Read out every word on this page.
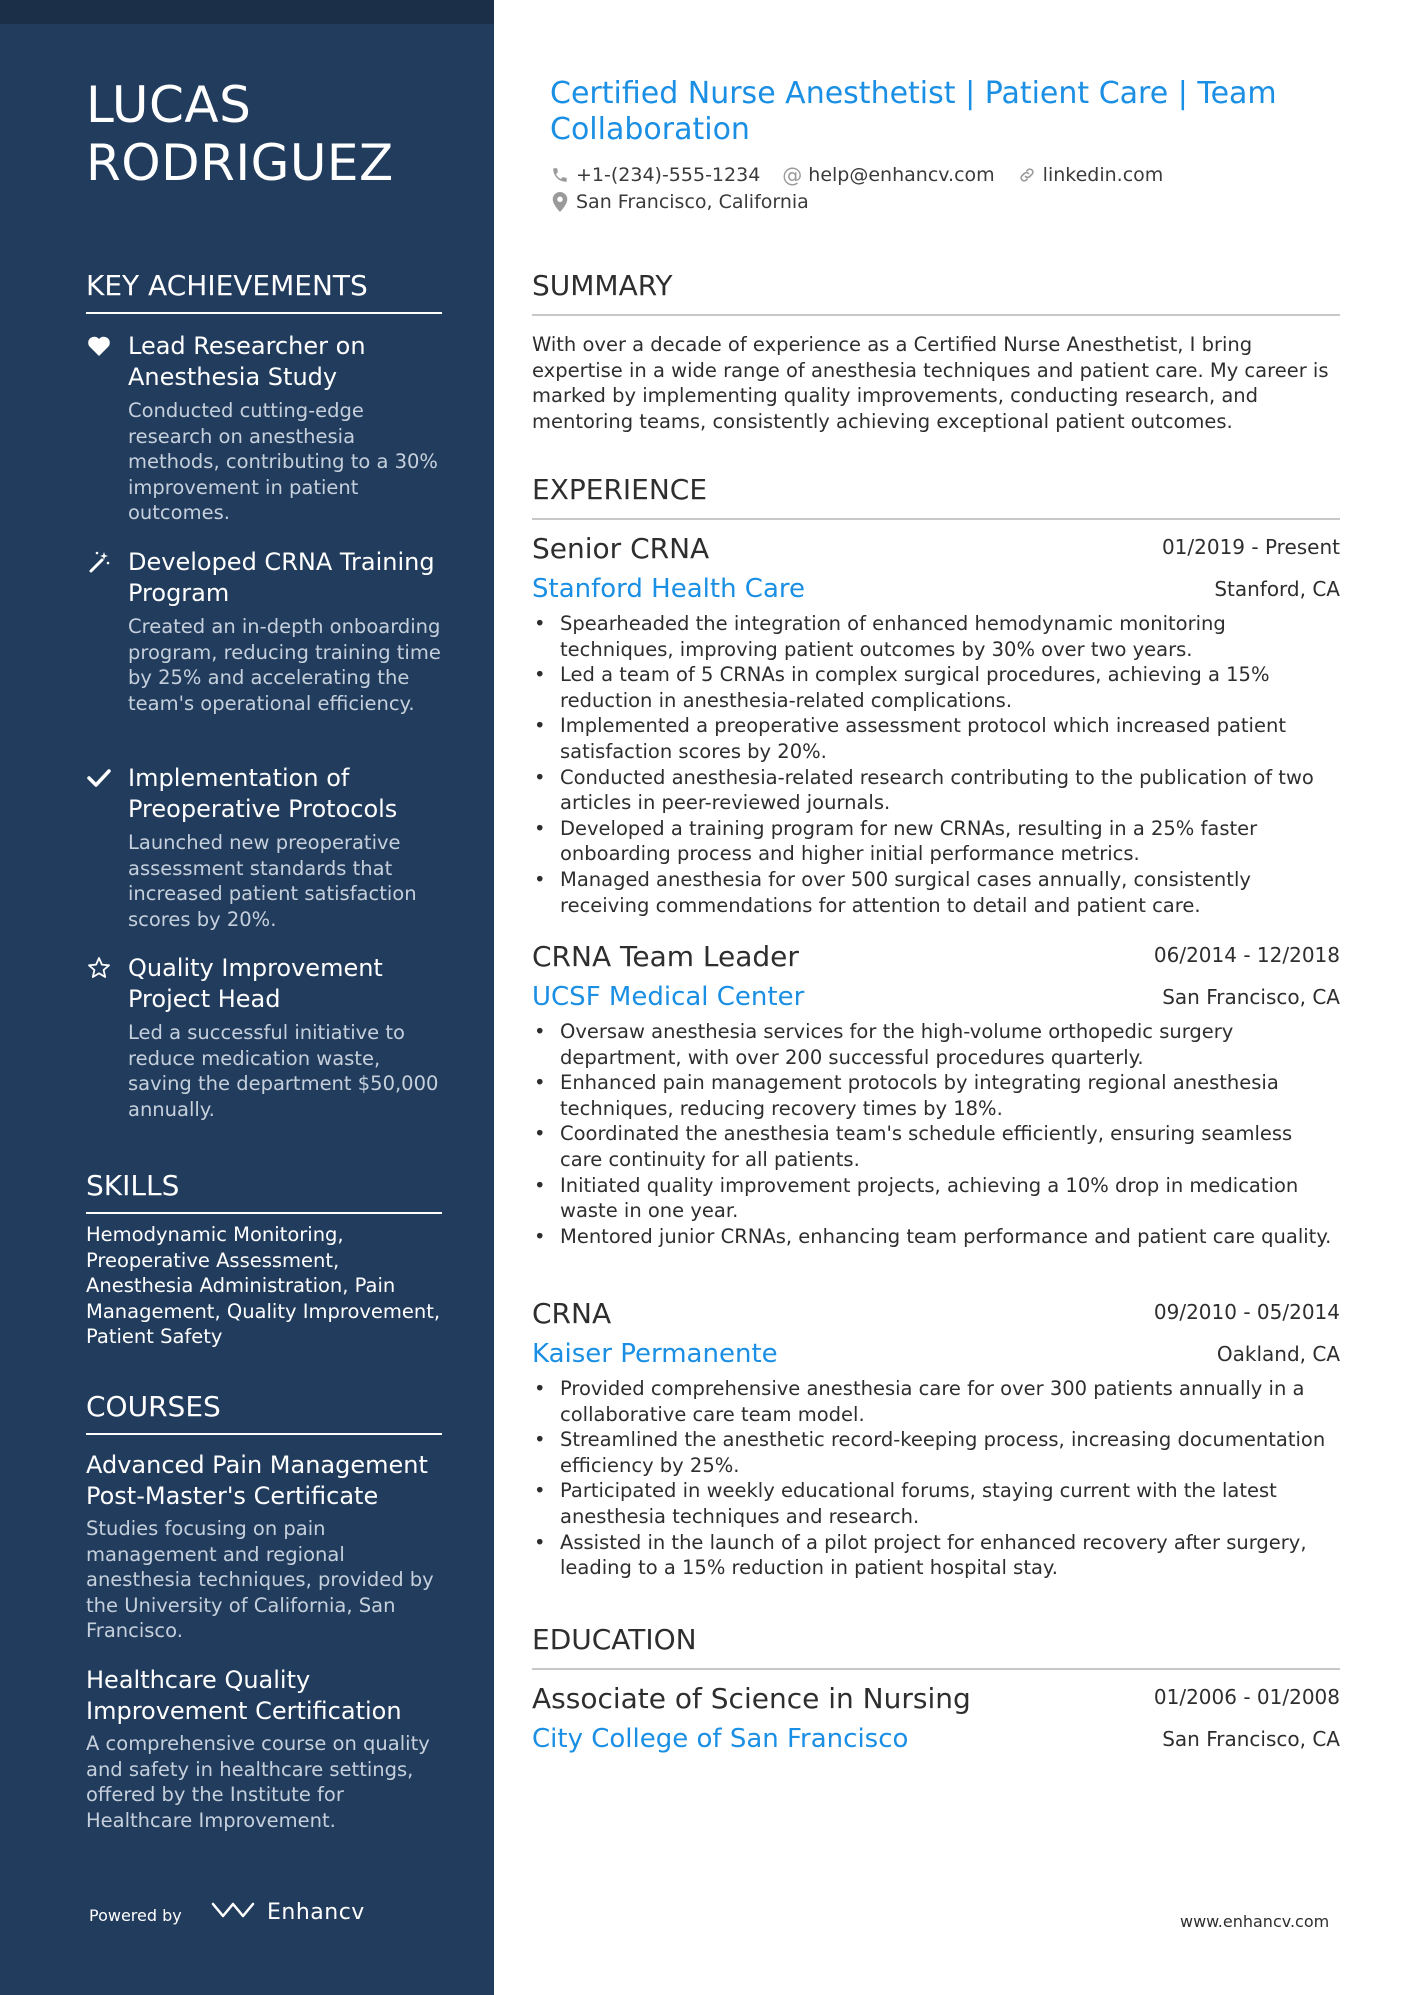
LUCAS
RODRIGUEZ
KEY ACHIEVEMENTS
Lead Researcher on Anesthesia Study
Conducted cutting-edge research on anesthesia methods, contributing to a 30% improvement in patient outcomes.
Developed CRNA Training Program
Created an in-depth onboarding program, reducing training time by 25% and accelerating the team's operational efficiency.
Implementation of Preoperative Protocols
Launched new preoperative assessment standards that increased patient satisfaction scores by 20%.
Quality Improvement Project Head
Led a successful initiative to reduce medication waste, saving the department $50,000 annually.
SKILLS
Hemodynamic Monitoring, Preoperative Assessment, Anesthesia Administration, Pain Management, Quality Improvement, Patient Safety
COURSES
Advanced Pain Management Post-Master's Certificate
Studies focusing on pain management and regional anesthesia techniques, provided by the University of California, San Francisco.
Healthcare Quality Improvement Certification
A comprehensive course on quality and safety in healthcare settings, offered by the Institute for Healthcare Improvement.
Powered by	Enhancv
Certified Nurse Anesthetist | Patient Care | Team Collaboration
+1-(234)-555-1234 @ help@enhancv.com	linkedin.com
San Francisco, California
SUMMARY
With over a decade of experience as a Certified Nurse Anesthetist, I bring expertise in a wide range of anesthesia techniques and patient care. My career is marked by implementing quality improvements, conducting research, and mentoring teams, consistently achieving exceptional patient outcomes.
EXPERIENCE
Senior CRNA	01/2019 - Present
Stanford Health Care	Stanford, CA
• Spearheaded the integration of enhanced hemodynamic monitoring techniques, improving patient outcomes by 30% over two years.
• Led a team of 5 CRNAs in complex surgical procedures, achieving a 15% reduction in anesthesia-related complications.
• Implemented a preoperative assessment protocol which increased patient satisfaction scores by 20%.
• Conducted anesthesia-related research contributing to the publication of two articles in peer-reviewed journals.
• Developed a training program for new CRNAs, resulting in a 25% faster onboarding process and higher initial performance metrics.
• Managed anesthesia for over 500 surgical cases annually, consistently receiving commendations for attention to detail and patient care.
CRNA Team Leader	06/2014 - 12/2018
UCSF Medical Center	San Francisco, CA
• Oversaw anesthesia services for the high-volume orthopedic surgery department, with over 200 successful procedures quarterly.
• Enhanced pain management protocols by integrating regional anesthesia techniques, reducing recovery times by 18%.
• Coordinated the anesthesia team's schedule efficiently, ensuring seamless care continuity for all patients.
• Initiated quality improvement projects, achieving a 10% drop in medication waste in one year.
• Mentored junior CRNAs, enhancing team performance and patient care quality.
CRNA	09/2010 - 05/2014
Kaiser Permanente	Oakland, CA
• Provided comprehensive anesthesia care for over 300 patients annually in a collaborative care team model.
• Streamlined the anesthetic record-keeping process, increasing documentation efficiency by 25%.
• Participated in weekly educational forums, staying current with the latest anesthesia techniques and research.
• Assisted in the launch of a pilot project for enhanced recovery after surgery, leading to a 15% reduction in patient hospital stay.
EDUCATION
Associate of Science in Nursing	01/2006 - 01/2008
City College of San Francisco	San Francisco, CA
www.enhancv.com
